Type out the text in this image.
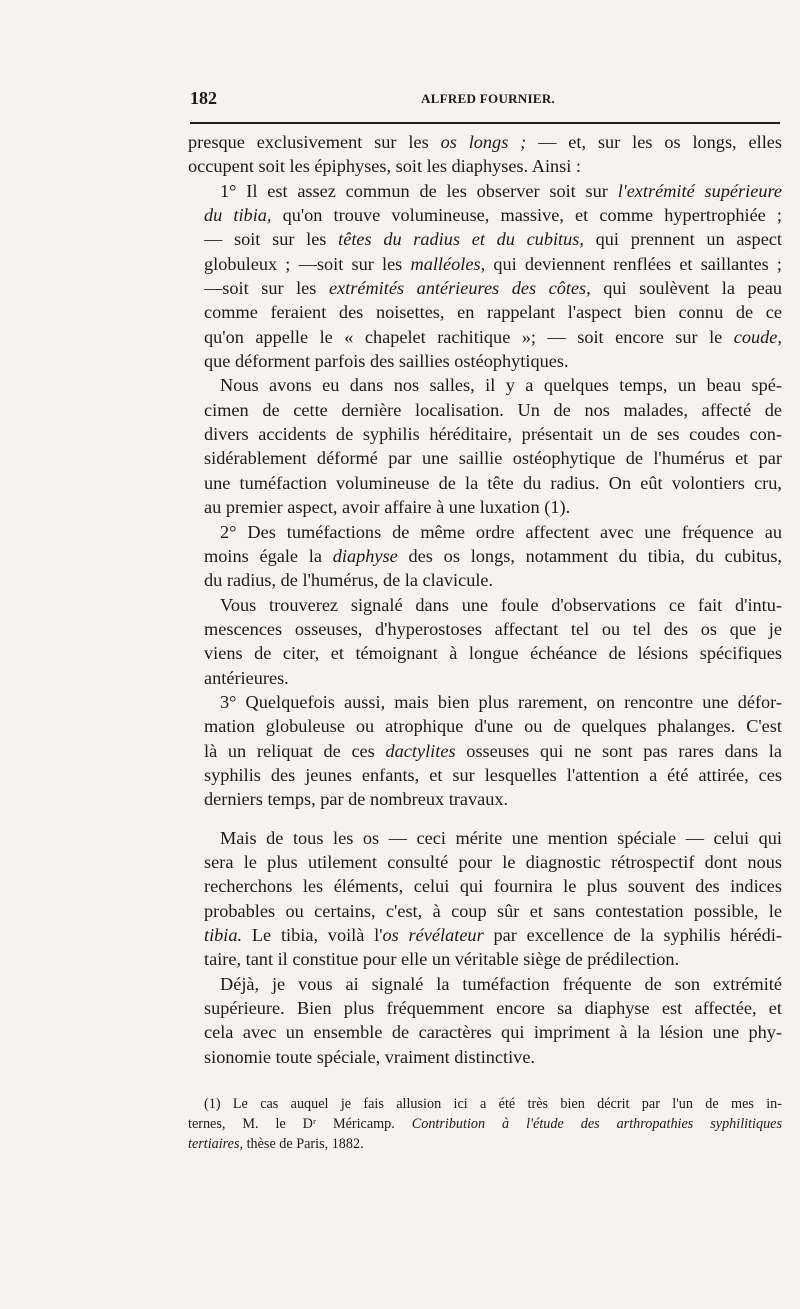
182	ALFRED FOURNIER.

presque exclusivement sur les os longs ; — et, sur les os longs, elles
occupent soit les épiphyses, soit les diaphyses. Ainsi :

1° Il est assez commun de les observer soit sur l'extrémité supérieure
du tibia, qu'on trouve volumineuse, massive, et comme hypertrophiée ;
— soit sur les têtes du radius et du cubitus, qui prennent un aspect
globuleux ; —soit sur les malléoles, qui deviennent renflées et saillantes ;
—soit sur les extrémités antérieures des côtes, qui soulèvent la peau
comme feraient des noisettes, en rappelant l'aspect bien connu de ce
qu'on appelle le « chapelet rachitique »; — soit encore sur le coude,
que déforment parfois des saillies ostéophytiques.

Nous avons eu dans nos salles, il y a quelques temps, un beau spé-
cimen de cette dernière localisation. Un de nos malades, affecté de
divers accidents de syphilis héréditaire, présentait un de ses coudes con-
sidérablement déformé par une saillie ostéophytique de l'humérus et par
une tuméfaction volumineuse de la tête du radius. On eût volontiers cru,
au premier aspect, avoir affaire à une luxation (1).

2° Des tuméfactions de même ordre affectent avec une fréquence au
moins égale la diaphyse des os longs, notamment du tibia, du cubitus,
du radius, de l'humérus, de la clavicule.

Vous trouverez signalé dans une foule d'observations ce fait d'intu-
mescences osseuses, d'hyperostoses affectant tel ou tel des os que je
viens de citer, et témoignant à longue échéance de lésions spécifiques
antérieures.

3° Quelquefois aussi, mais bien plus rarement, on rencontre une défor-
mation globuleuse ou atrophique d'une ou de quelques phalanges. C'est
là un reliquat de ces dactylites osseuses qui ne sont pas rares dans la
syphilis des jeunes enfants, et sur lesquelles l'attention a été attirée, ces
derniers temps, par de nombreux travaux.

Mais de tous les os — ceci mérite une mention spéciale — celui qui
sera le plus utilement consulté pour le diagnostic rétrospectif dont nous
recherchons les éléments, celui qui fournira le plus souvent des indices
probables ou certains, c'est, à coup sûr et sans contestation possible, le
tibia. Le tibia, voilà l'os révélateur par excellence de la syphilis hérédi-
taire, tant il constitue pour elle un véritable siège de prédilection.

Déjà, je vous ai signalé la tuméfaction fréquente de son extrémité
supérieure. Bien plus fréquemment encore sa diaphyse est affectée, et
cela avec un ensemble de caractères qui impriment à la lésion une phy-
sionomie toute spéciale, vraiment distinctive.

(1) Le cas auquel je fais allusion ici a été très bien décrit par l'un de mes in-
ternes, M. le Dʳ Méricamp. Contribution à l'étude des arthropathies syphilitiques
tertiaires, thèse de Paris, 1882.
